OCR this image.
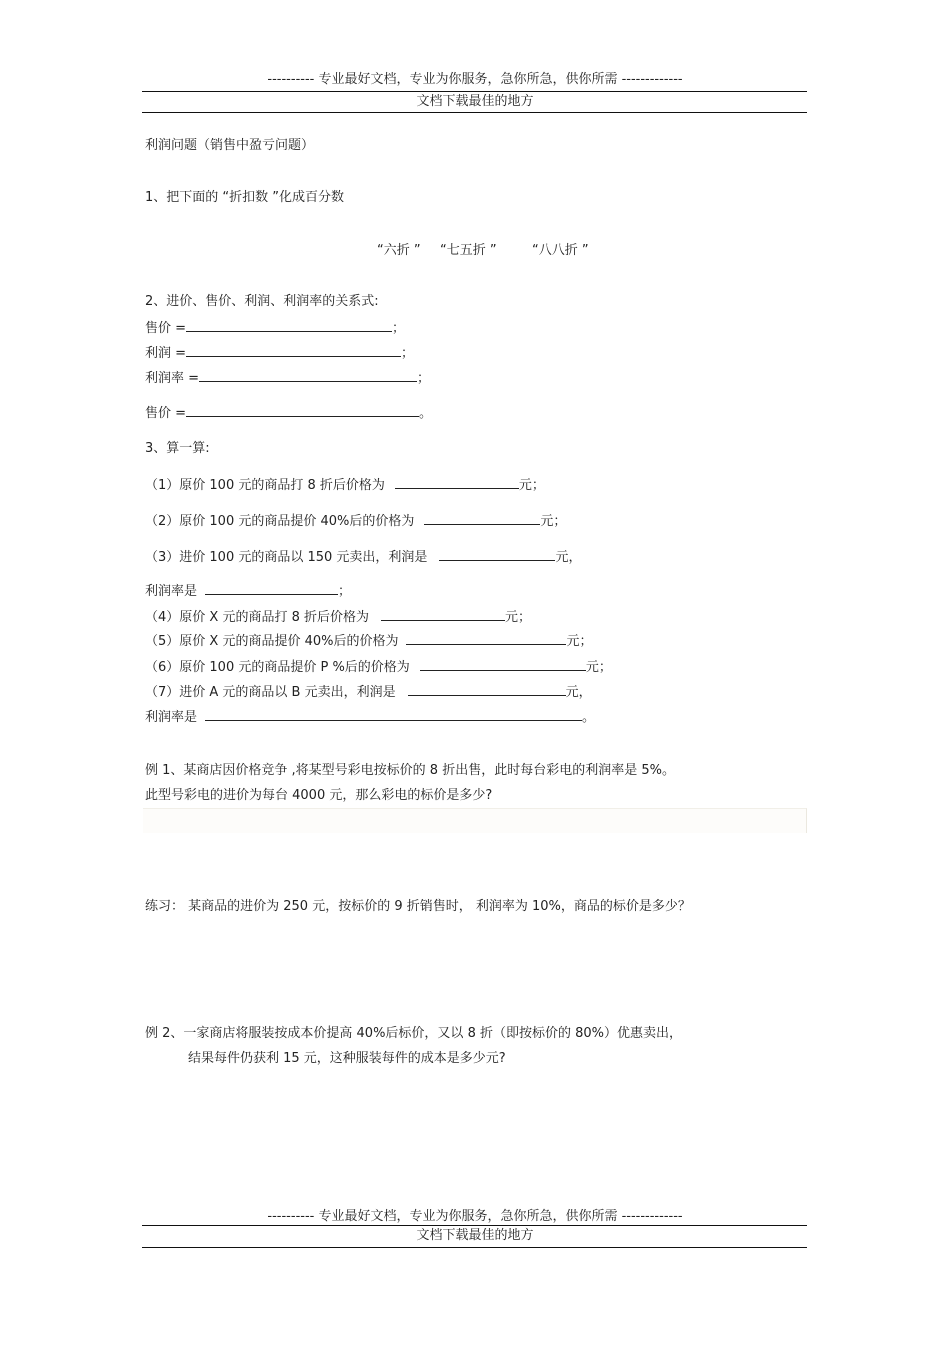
---------- 专业最好文档，专业为你服务，急你所急，供你所需 -------------
文档下载最佳的地方
利润问题（销售中盈亏问题）
1、把下面的 “折扣数 ”化成百分数
“六折 ” “七五折 ”	“八八折 ”
2、进价、售价、利润、利润率的关系式:
售价 =	；
利润 =	；
利润率 =	；
售价 =	。
3、算一算:
（1）原价 100 元的商品打 8 折后价格为	元；
（2）原价 100 元的商品提价 40%后的价格为	元；
（3）进价 100 元的商品以 150 元卖出，利润是	元，
利润率是	；
（4）原价 X 元的商品打 8 折后价格为	元；
（5）原价 X 元的商品提价 40%后的价格为	元；
（6）原价 100 元的商品提价 P %后的价格为	元；
（7）进价 A 元的商品以 B 元卖出，利润是	元，
利润率是	。
例 1、某商店因价格竞争 ,将某型号彩电按标价的 8 折出售，此时每台彩电的利润率是 5%。
此型号彩电的进价为每台 4000 元，那么彩电的标价是多少?
练习： 某商品的进价为 250 元，按标价的 9 折销售时， 利润率为 10%，商品的标价是多少？
例 2、一家商店将服装按成本价提高 40%后标价，又以 8 折（即按标价的 80%）优惠卖出，
结果每件仍获利 15 元，这种服装每件的成本是多少元?
---------- 专业最好文档，专业为你服务，急你所急，供你所需 -------------
文档下载最佳的地方
